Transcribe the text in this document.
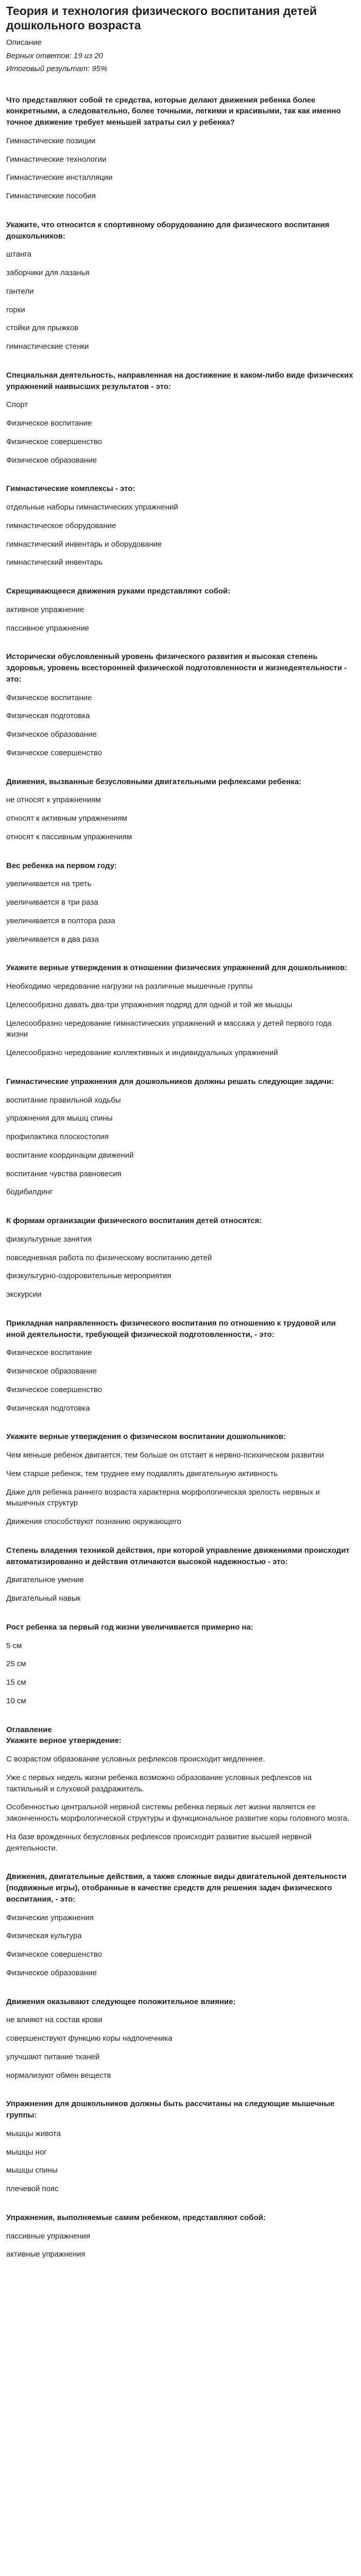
Теория и технология физического воспитания детей дошкольного возраста
Описание
Верных ответов: 19 из 20
Итоговый результат: 95%
Что представляют собой те средства, которые делают движения ребенка более конкретными, а следовательно, более точными, легкими и красивыми, так как именно точное движение требует меньшей затраты сил у ребенка?
Гимнастические позиции
Гимнастические технологии
Гимнастические инсталляции
Гимнастические пособия
Укажите, что относится к спортивному оборудованию для физического воспитания дошкольников:
штанга
заборчики для лазанья
гантели
горки
стойки для прыжков
гимнастические стенки
Специальная деятельность, направленная на достижение в каком-либо виде физических упражнений наивысших результатов - это:
Спорт
Физическое воспитание
Физическое совершенство
Физическое образование
Гимнастические комплексы - это:
отдельные наборы гимнастических упражнений
гимнастическое оборудование
гимнастический инвентарь и оборудование
гимнастический инвентарь
Скрещивающееся движения руками представляют собой:
активное упражнение
пассивное упражнение
Исторически обусловленный уровень физического развития и высокая степень здоровья, уровень всесторонней физической подготовленности и жизнедеятельности - это:
Физическое воспитание
Физическая подготовка
Физическое образование
Физическое совершенство
Движения, вызванные безусловными двигательными рефлексами ребенка:
не относят к упражнениям
относят к активным упражнениям
относят к пассивным упражнениям
Вес ребенка на первом году:
увеличивается на треть
увеличивается в три раза
увеличивается в полтора раза
увеличивается в два раза
Укажите верные утверждения в отношении физических упражнений для дошкольников:
Необходимо чередование нагрузки на различные мышечные группы
Целесообразно давать два-три упражнения подряд для одной и той же мышцы
Целесообразно чередование гимнастических упражнений и массажа у детей первого года жизни
Целесообразно чередование коллективных и индивидуальных упражнений
Гимнастические упражнения для дошкольников должны решать следующие задачи:
воспитание правильной ходьбы
упражнения для мышц спины
профилактика плоскостопия
воспитание координации движений
воспитание чувства равновесия
бодибилдинг
К формам организации физического воспитания детей относятся:
физкультурные занятия
повседневная работа по физическому воспитанию детей
физкультурно-оздоровительные мероприятия
экскурсии
Прикладная направленность физического воспитания по отношению к трудовой или иной деятельности, требующей физической подготовленности, - это:
Физическое воспитание
Физическое образование
Физическое совершенство
Физическая подготовка
Укажите верные утверждения о физическом воспитании дошкольников:
Чем меньше ребенок двигается, тем больше он отстает в нервно-психическом развитии
Чем старше ребенок, тем труднее ему подавлять двигательную активность
Даже для ребенка раннего возраста характерна морфологическая зрелость нервных и мышечных структур
Движения способствуют познанию окружающего
Степень владения техникой действия, при которой управление движениями происходит автоматизированно и действия отличаются высокой надежностью - это:
Двигательное умение
Двигательный навык
Рост ребенка за первый год жизни увеличивается примерно на:
5 см
25 см
15 см
10 см
Оглавление
Укажите верное утверждение:
С возрастом образование условных рефлексов происходит медленнее.
Уже с первых недель жизни ребенка возможно образование условных рефлексов на тактильный и слуховой раздражитель.
Особенностью центральной нервной системы ребенка первых лет жизни является ее законченность морфологической структуры и функциональное развитие коры головного мозга.
На базе врожденных безусловных рефлексов происходит развитие высшей нервной деятельности.
Движения, двигательные действия, а также сложные виды двигательной деятельности (подвижные игры), отобранные в качестве средств для решения задач физического воспитания, - это:
Физические упражнения
Физическая культура
Физическое совершенство
Физическое образование
Движения оказывают следующее положительное влияние:
не влияют на состав крови
совершенствуют функцию коры надпочечника
улучшают питание тканей
нормализуют обмен веществ
Упражнения для дошкольников должны быть рассчитаны на следующие мышечные группы:
мышцы живота
мышцы ног
мышцы спины
плечевой пояс
Упражнения, выполняемые самим ребенком, представляют собой:
пассивные упражнения
активные упражнения
